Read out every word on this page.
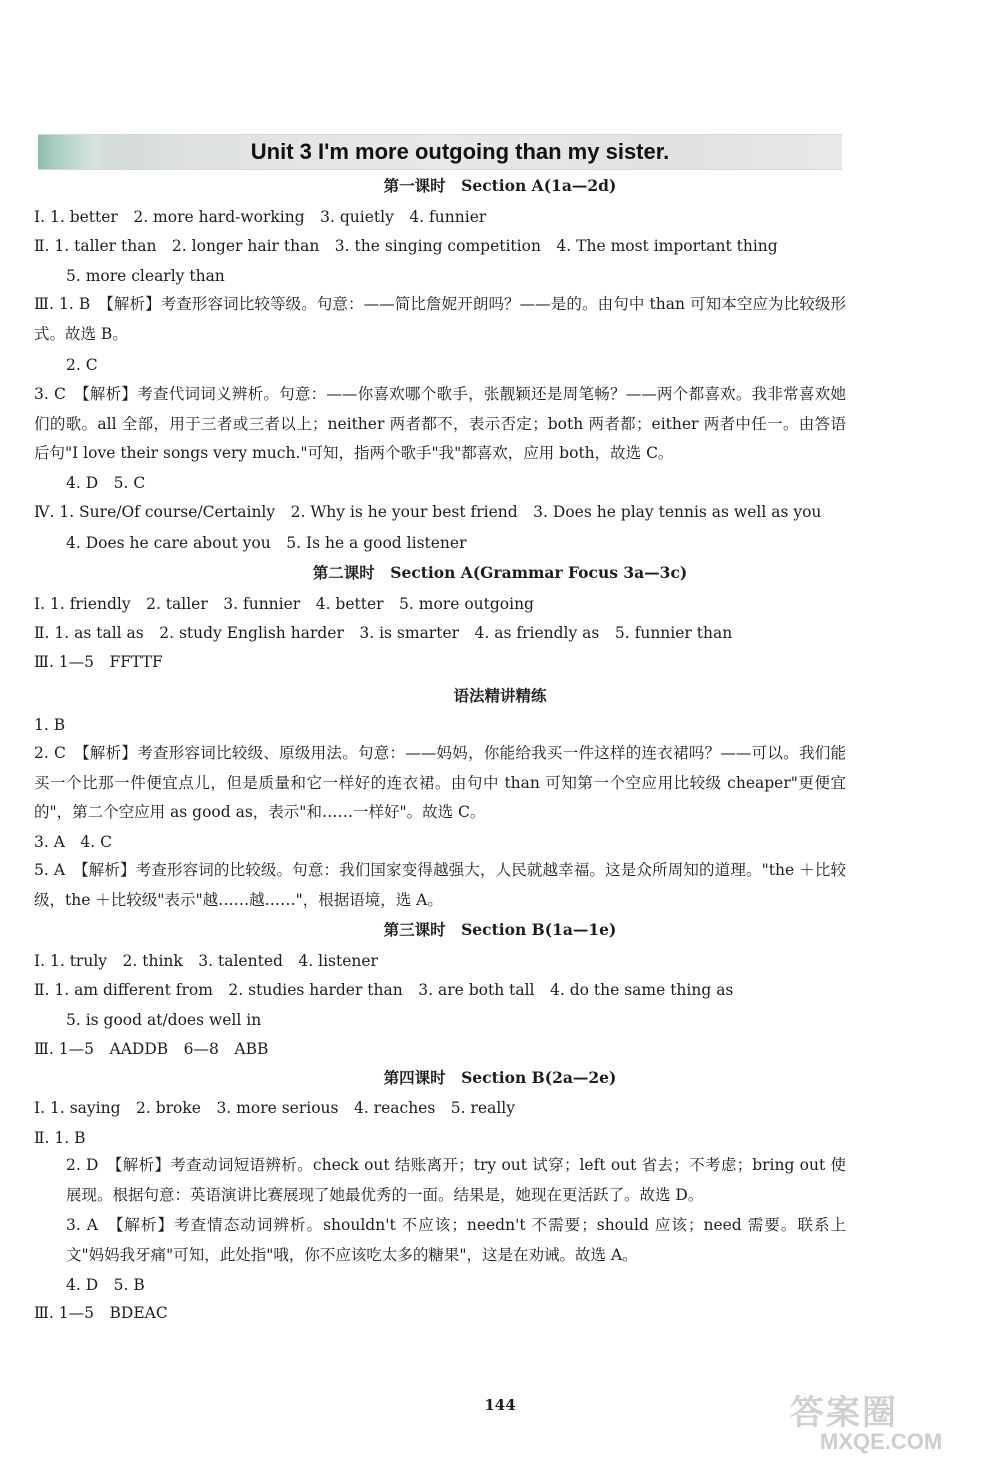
Unit 3 I'm more outgoing than my sister.
第一课时　Section A(1a—2d)
Ⅰ. 1. better　2. more hard-working　3. quietly　4. funnier
Ⅱ. 1. taller than　2. longer hair than　3. the singing competition　4. The most important thing
5. more clearly than
Ⅲ. 1. B　【解析】考查形容词比较等级。句意：——简比詹妮开朗吗？——是的。由句中 than 可知本空应为比较级形式。故选 B。
2. C
3. C　【解析】考查代词词义辨析。句意：——你喜欢哪个歌手，张靓颖还是周笔畅？——两个都喜欢。我非常喜欢她们的歌。all 全部，用于三者或三者以上；neither 两者都不，表示否定；both 两者都；either 两者中任一。由答语后句"I love their songs very much."可知，指两个歌手"我"都喜欢，应用 both，故选 C。
4. D　5. C
Ⅳ. 1. Sure/Of course/Certainly　2. Why is he your best friend　3. Does he play tennis as well as you
4. Does he care about you　5. Is he a good listener
第二课时　Section A(Grammar Focus 3a—3c)
Ⅰ. 1. friendly　2. taller　3. funnier　4. better　5. more outgoing
Ⅱ. 1. as tall as　2. study English harder　3. is smarter　4. as friendly as　5. funnier than
Ⅲ. 1—5　FFTTF
语法精讲精练
1. B
2. C　【解析】考查形容词比较级、原级用法。句意：——妈妈，你能给我买一件这样的连衣裙吗？——可以。我们能买一个比那一件便宜点儿，但是质量和它一样好的连衣裙。由句中 than 可知第一个空应用比较级 cheaper"更便宜的"，第二个空应用 as good as，表示"和……一样好"。故选 C。
3. A　4. C
5. A　【解析】考查形容词的比较级。句意：我们国家变得越强大，人民就越幸福。这是众所周知的道理。"the ＋比较级，the ＋比较级"表示"越……越……"，根据语境，选 A。
第三课时　Section B(1a—1e)
Ⅰ. 1. truly　2. think　3. talented　4. listener
Ⅱ. 1. am different from　2. studies harder than　3. are both tall　4. do the same thing as
5. is good at/does well in
Ⅲ. 1—5　AADDB　6—8　ABB
第四课时　Section B(2a—2e)
Ⅰ. 1. saying　2. broke　3. more serious　4. reaches　5. really
Ⅱ. 1. B
2. D　【解析】考查动词短语辨析。check out 结账离开；try out 试穿；left out 省去；不考虑；bring out 使展现。根据句意：英语演讲比赛展现了她最优秀的一面。结果是，她现在更活跃了。故选 D。
3. A　【解析】考查情态动词辨析。shouldn't 不应该；needn't 不需要；should 应该；need 需要。联系上文"妈妈我牙痛"可知，此处指"哦，你不应该吃太多的糖果"，这是在劝诫。故选 A。
4. D　5. B
Ⅲ. 1—5　BDEAC
144	答案圈
MXQE.COM
